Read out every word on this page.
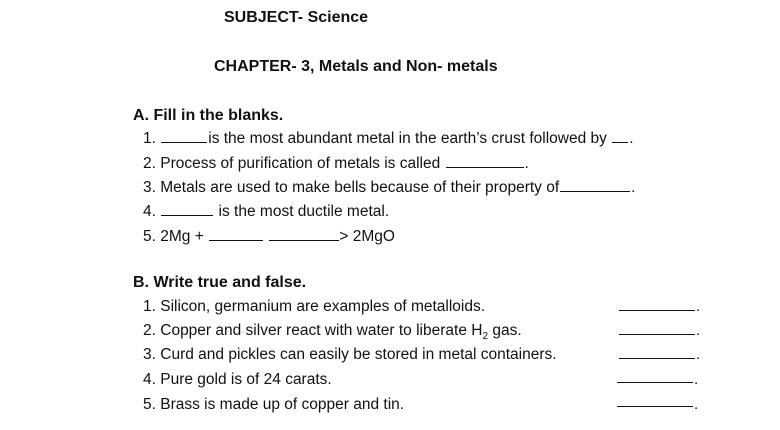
SUBJECT- Science
CHAPTER- 3, Metals and Non- metals
A. Fill in the blanks.
1.	is the most abundant metal in the earth’s crust followed by .
2. Process of purification of metals is called	.
3. Metals are used to make bells because of their property of	.
4.	is the most ductile metal.
5. 2Mg +	> 2MgO
B. Write true and false.
1. Silicon, germanium are examples of metalloids.
2. Copper and silver react with water to liberate $H_2$ gas.
3. Curd and pickles can easily be stored in metal containers.
4. Pure gold is of 24 carats.
5. Brass is made up of copper and tin.
.
.
.
.
.
